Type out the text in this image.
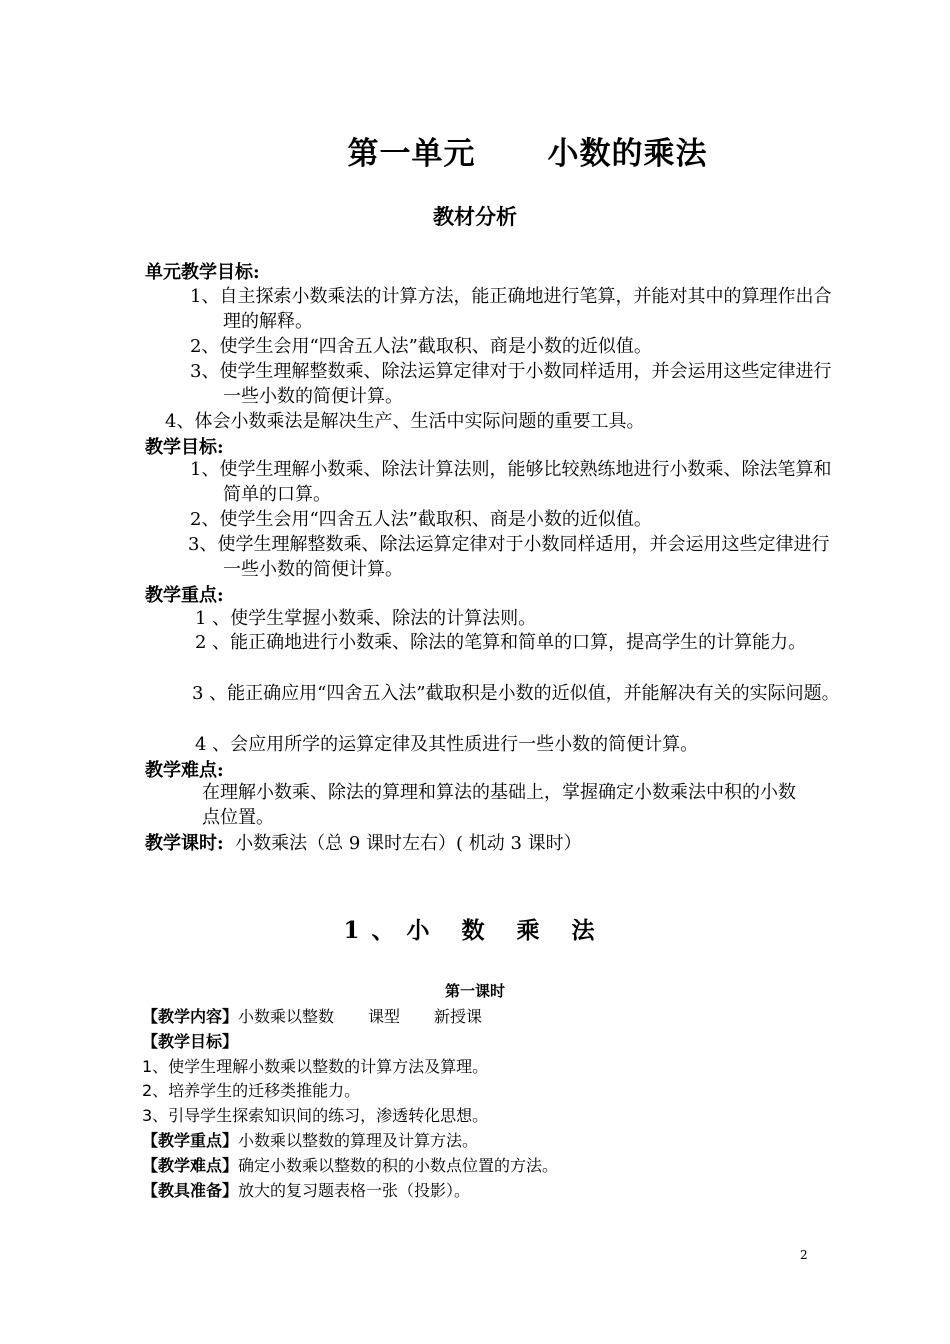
第一单元 小数的乘法
教材分析
单元教学目标:
1、自主探索小数乘法的计算方法，能正确地进行笔算，并能对其中的算理作出合理的解释。
2、使学生会用“四舍五人法”截取积、商是小数的近似值。
3、使学生理解整数乘、除法运算定律对于小数同样适用，并会运用这些定律进行一些小数的简便计算。
4、体会小数乘法是解决生产、生活中实际问题的重要工具。
教学目标:
1、使学生理解小数乘、除法计算法则，能够比较熟练地进行小数乘、除法笔算和简单的口算。
2、使学生会用“四舍五人法”截取积、商是小数的近似值。
3、使学生理解整数乘、除法运算定律对于小数同样适用，并会运用这些定律进行一些小数的简便计算。
教学重点:
1 、使学生掌握小数乘、除法的计算法则。
2 、能正确地进行小数乘、除法的笔算和简单的口算，提高学生的计算能力。
3 、能正确应用“四舍五入法”截取积是小数的近似值，并能解决有关的实际问题。
4 、会应用所学的运算定律及其性质进行一些小数的简便计算。
教学难点:
在理解小数乘、除法的算理和算法的基础上，掌握确定小数乘法中积的小数点位置。
教学课时: 小数乘法（总 9 课时左右）( 机动 3 课时）
1、小 数 乘 法
第一课时
【教学内容】小数乘以整数 课型 新授课
【教学目标】
1、使学生理解小数乘以整数的计算方法及算理。
2、培养学生的迁移类推能力。
3、引导学生探索知识间的练习，渗透转化思想。
【教学重点】小数乘以整数的算理及计算方法。
【教学难点】确定小数乘以整数的积的小数点位置的方法。
【教具准备】放大的复习题表格一张（投影）。
2
